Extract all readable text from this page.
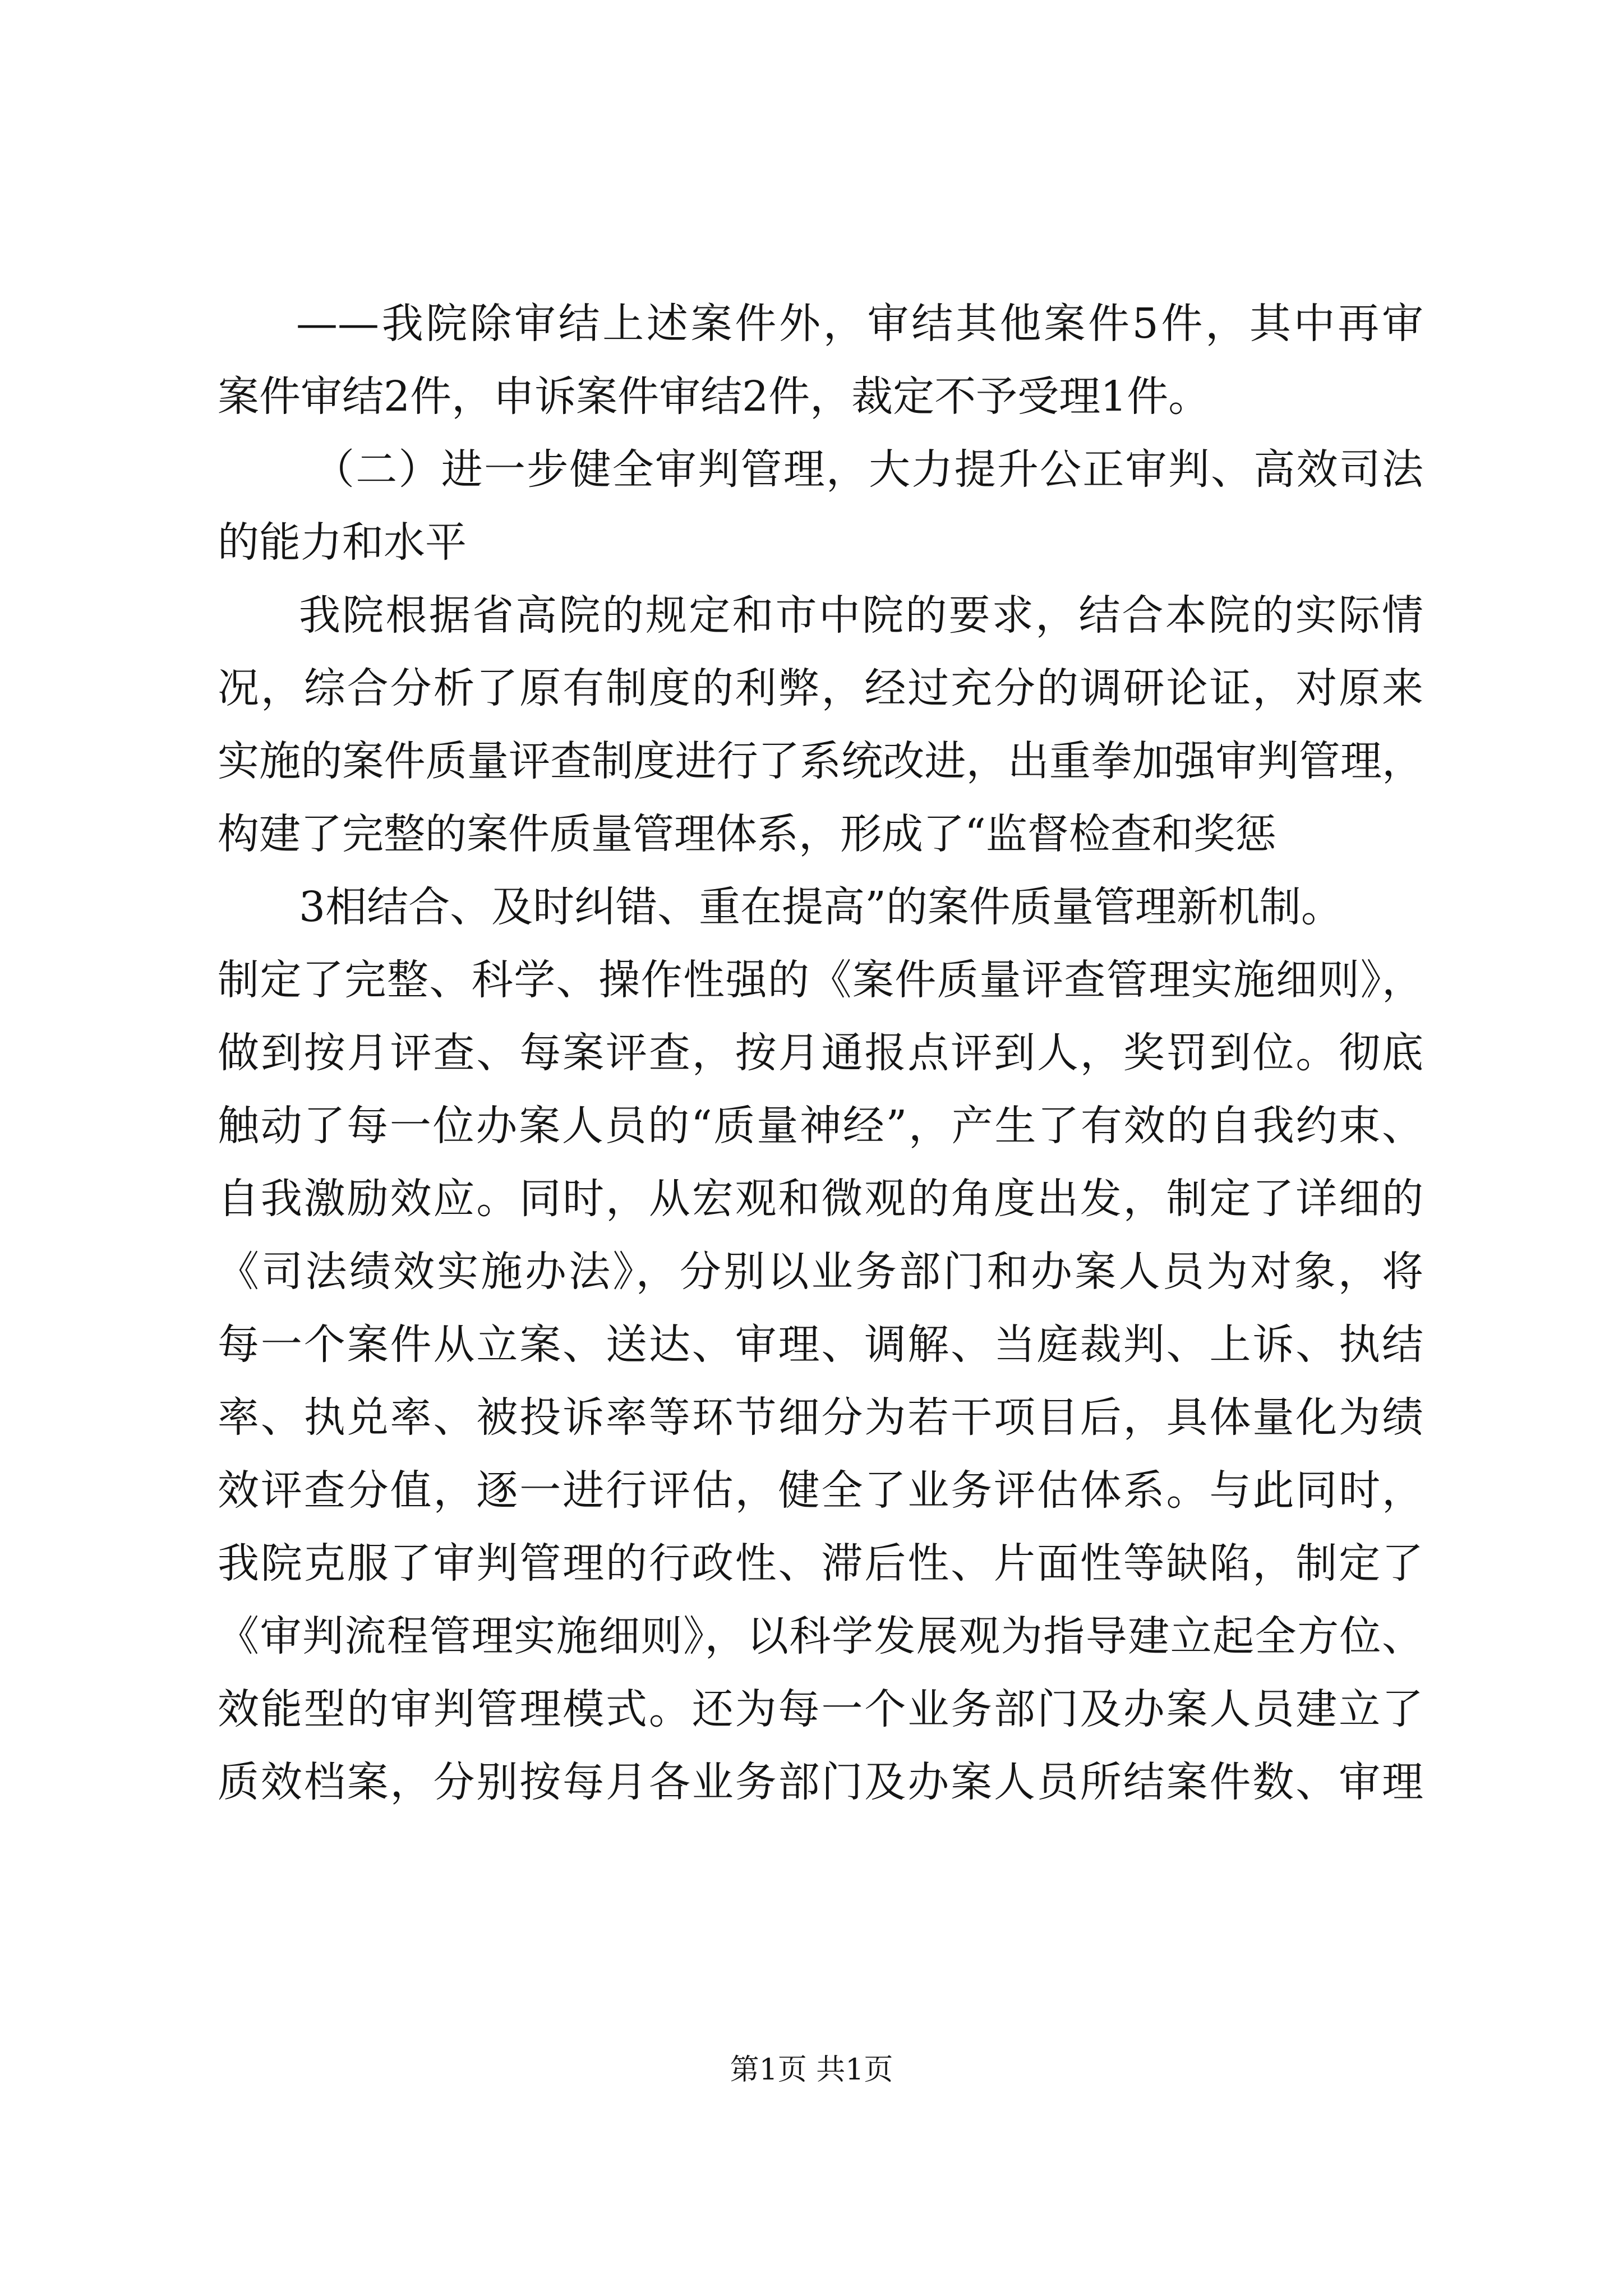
——我院除审结上述案件外，审结其他案件5件，其中再审
案件审结2件，申诉案件审结2件，裁定不予受理1件。
（二）进一步健全审判管理，大力提升公正审判、高效司法
的能力和水平
我院根据省高院的规定和市中院的要求，结合本院的实际情
况，综合分析了原有制度的利弊，经过充分的调研论证，对原来
实施的案件质量评查制度进行了系统改进，出重拳加强审判管理，
构建了完整的案件质量管理体系，形成了“监督检查和奖惩
3相结合、及时纠错、重在提高”的案件质量管理新机制。
制定了完整、科学、操作性强的《案件质量评查管理实施细则》，
做到按月评查、每案评查，按月通报点评到人，奖罚到位。彻底
触动了每一位办案人员的“质量神经”，产生了有效的自我约束、
自我激励效应。同时，从宏观和微观的角度出发，制定了详细的
《司法绩效实施办法》，分别以业务部门和办案人员为对象，将
每一个案件从立案、送达、审理、调解、当庭裁判、上诉、执结
率、执兑率、被投诉率等环节细分为若干项目后，具体量化为绩
效评查分值，逐一进行评估，健全了业务评估体系。与此同时，
我院克服了审判管理的行政性、滞后性、片面性等缺陷，制定了
《审判流程管理实施细则》，以科学发展观为指导建立起全方位、
效能型的审判管理模式。还为每一个业务部门及办案人员建立了
质效档案，分别按每月各业务部门及办案人员所结案件数、审理
第1页 共1页
